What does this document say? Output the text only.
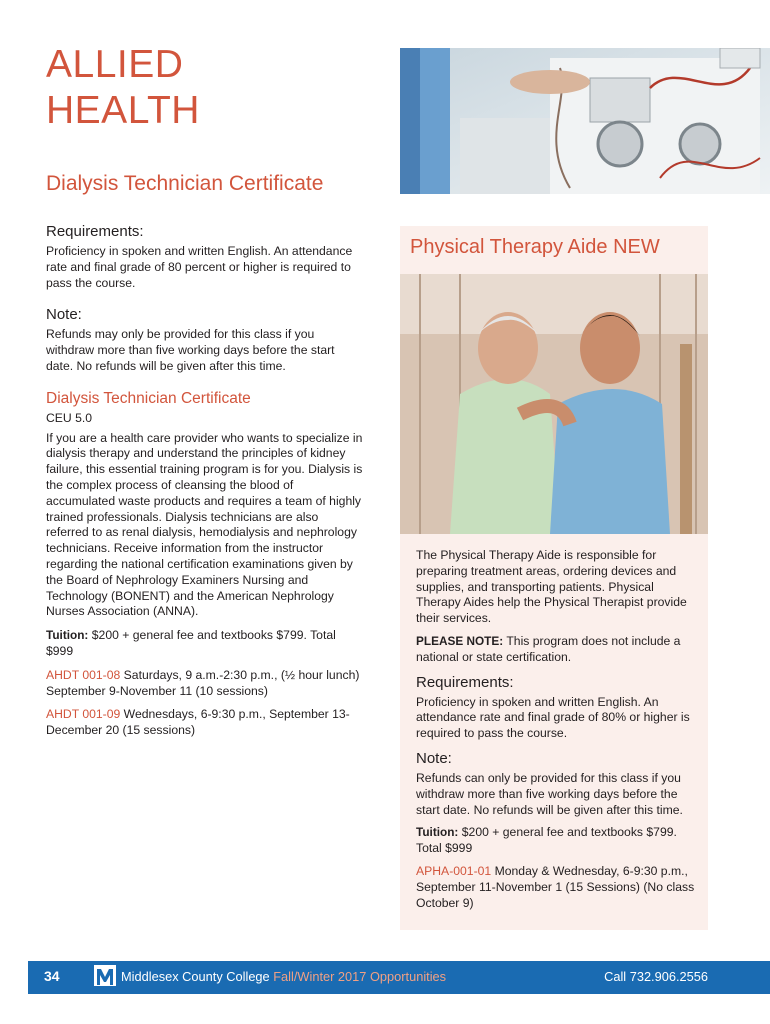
ALLIED
HEALTH
Dialysis Technician Certificate
Requirements:

Proficiency in spoken and written English. An attendance rate and final grade of 80 percent or higher is required to pass the course.

Note:

Refunds may only be provided for this class if you withdraw more than five working days before the start date. No refunds will be given after this time.

Dialysis Technician Certificate

CEU 5.0

If you are a health care provider who wants to specialize in dialysis therapy and understand the principles of kidney failure, this essential training program is for you. Dialysis is the complex process of cleansing the blood of accumulated waste products and requires a team of highly trained professionals. Dialysis technicians are also referred to as renal dialysis, hemodialysis and nephrology technicians. Receive information from the instructor regarding the national certification examinations given by the Board of Nephrology Examiners Nursing and Technology (BONENT) and the American Nephrology Nurses Association (ANNA).

Tuition: $200 + general fee and textbooks $799. Total $999

AHDT 001-08 Saturdays, 9 a.m.-2:30 p.m., (½ hour lunch) September 9-November 11 (10 sessions)

AHDT 001-09 Wednesdays, 6-9:30 p.m., September 13-December 20 (15 sessions)

Physical Therapy Aide NEW

The Physical Therapy Aide is responsible for preparing treatment areas, ordering devices and supplies, and transporting patients. Physical Therapy Aides help the Physical Therapist provide their services.

PLEASE NOTE: This program does not include a national or state certification.

Requirements:

Proficiency in spoken and written English. An attendance rate and final grade of 80% or higher is required to pass the course.

Note:

Refunds can only be provided for this class if you withdraw more than five working days before the start date. No refunds will be given after this time.

Tuition: $200 + general fee and textbooks $799. Total $999

APHA-001-01 Monday & Wednesday, 6-9:30 p.m., September 11-November 1 (15 Sessions) (No class October 9)

34	Middlesex County College Fall/Winter 2017 Opportunities	Call 732.906.2556
